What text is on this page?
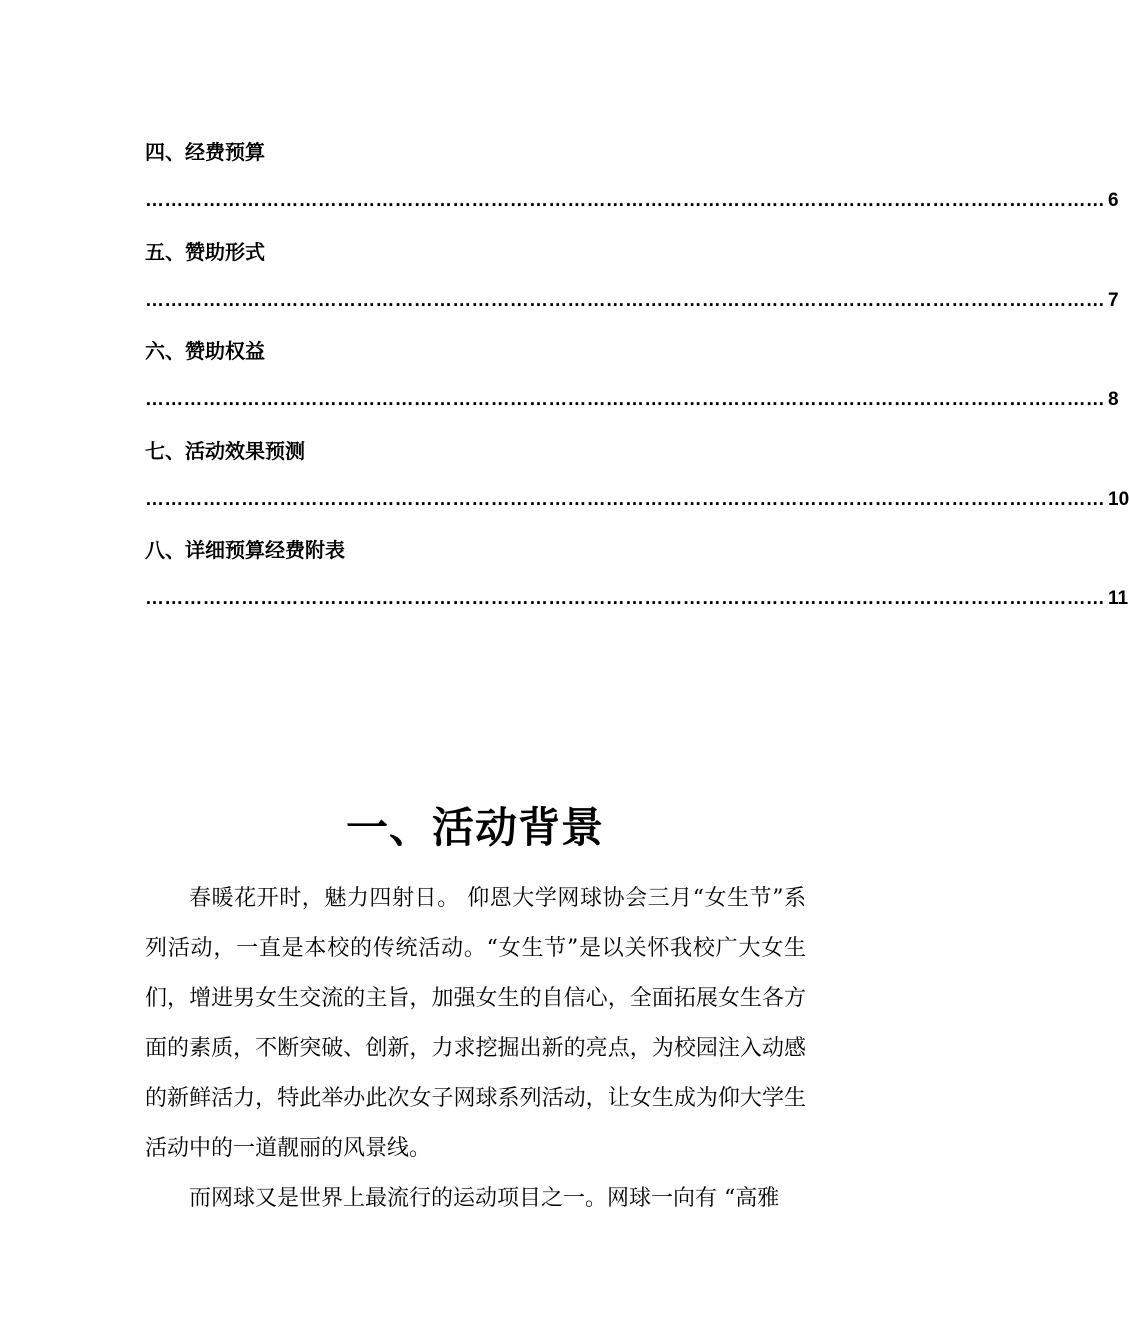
四、经费预算
…………………………………………………………………………………………………………………………………… 6
五、赞助形式
…………………………………………………………………………………………………………………………………… 7
六、赞助权益
…………………………………………………………………………………………………………………………………… 8
七、活动效果预测
…………………………………………………………………………………………………………………………………… 10
八、详细预算经费附表
…………………………………………………………………………………………………………………………………… 11
一、活动背景

春暖花开时，魅力四射日。 仰恩大学网球协会三月“女生节”系列活动，一直是本校的传统活动。“女生节”是以关怀我校广大女生们，增进男女生交流的主旨，加强女生的自信心，全面拓展女生各方面的素质，不断突破、创新，力求挖掘出新的亮点，为校园注入动感的新鲜活力，特此举办此次女子网球系列活动，让女生成为仰大学生活动中的一道靓丽的风景线。

而网球又是世界上最流行的运动项目之一。网球一向有 “高雅
